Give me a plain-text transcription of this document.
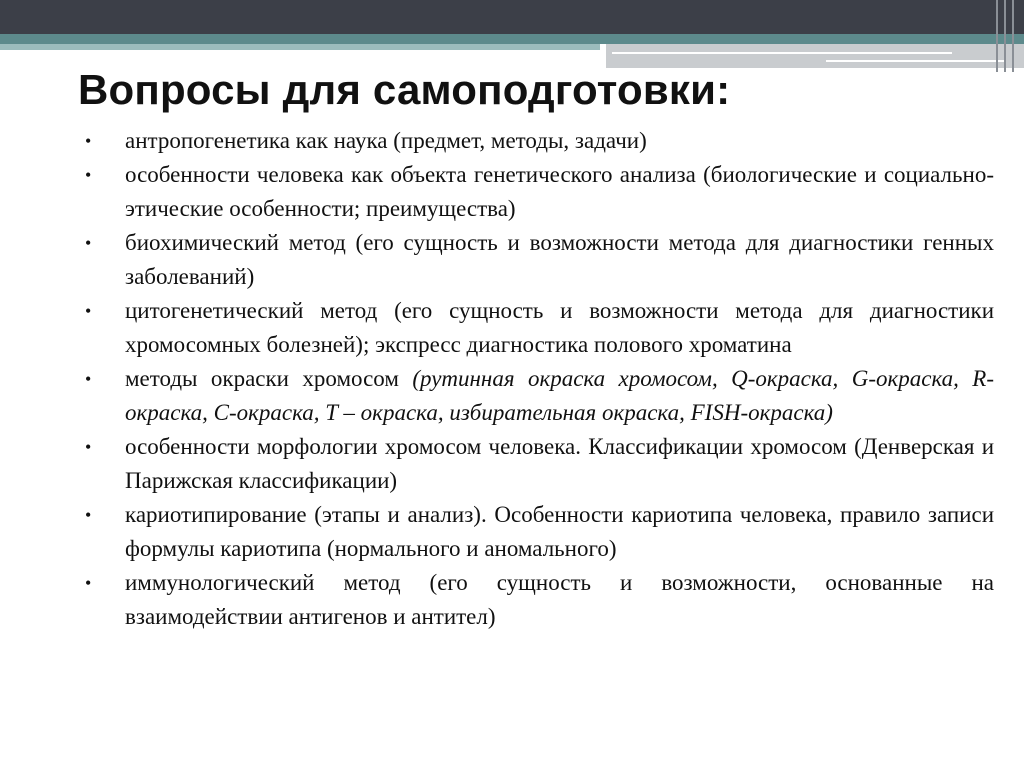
Вопросы для самоподготовки:
• антропогенетика как наука (предмет, методы, задачи)
• особенности человека как объекта генетического анализа (биологические и социально-этические особенности; преимущества)
• биохимический метод (его сущность и возможности метода для диагностики генных заболеваний)
• цитогенетический метод (его сущность и возможности метода для диагностики хромосомных болезней); экспресс диагностика полового хроматина
• методы окраски хромосом (рутинная окраска хромосом, Q-окраска, G-окраска, R-окраска, C-окраска, T – окраска, избирательная окраска, FISH-окраска)
• особенности морфологии хромосом человека. Классификации хромосом (Денверская и Парижская классификации)
• кариотипирование (этапы и анализ). Особенности кариотипа человека, правило записи формулы кариотипа (нормального и аномального)
• иммунологический метод (его сущность и возможности, основанные на взаимодействии антигенов и антител)
